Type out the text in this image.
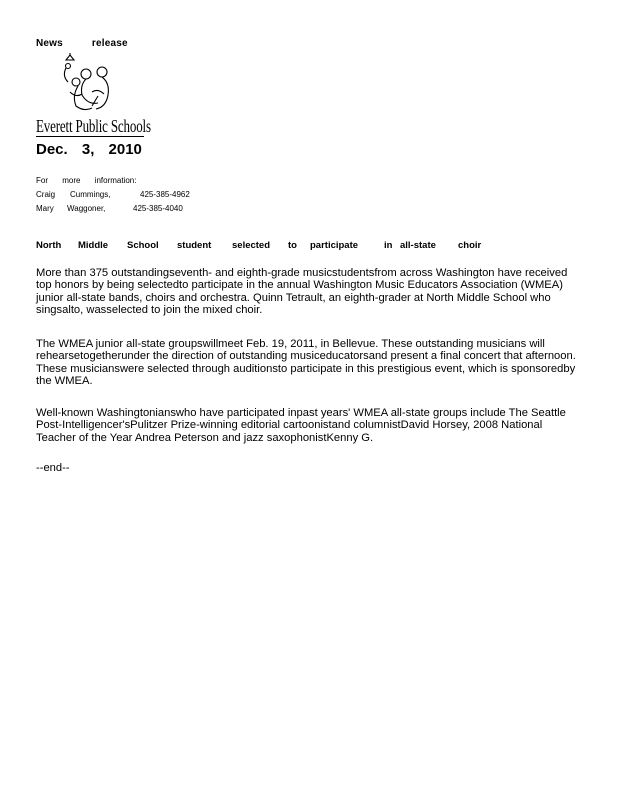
News release
Everett Public Schools
Dec. 3, 2010
For more information:
Craig Cummings,	425-385-4962
Mary Waggoner,	425-385-4040
North Middle School student selected to participate	in all-state choir
More than 375 outstandingseventh- and eighth-grade musicstudentsfrom across Washington have received top honors by being selectedto participate in the annual Washington Music Educators Association (WMEA) junior all-state bands, choirs and orchestra. Quinn Tetrault, an eighth-grader at North Middle School who singsalto, wasselected to join the mixed choir.
The WMEA junior all-state groupswillmeet Feb. 19, 2011, in Bellevue. These outstanding musicians will rehearsetogetherunder the direction of outstanding musiceducatorsand present a final concert that afternoon. These musicianswere selected through auditionsto participate in this prestigious event, which is sponsoredby the WMEA.
Well-known Washingtonianswho have participated inpast years' WMEA all-state groups include The Seattle Post-Intelligencer'sPulitzer Prize-winning editorial cartoonistand columnistDavid Horsey, 2008 National Teacher of the Year Andrea Peterson and jazz saxophonistKenny G.
--end--
